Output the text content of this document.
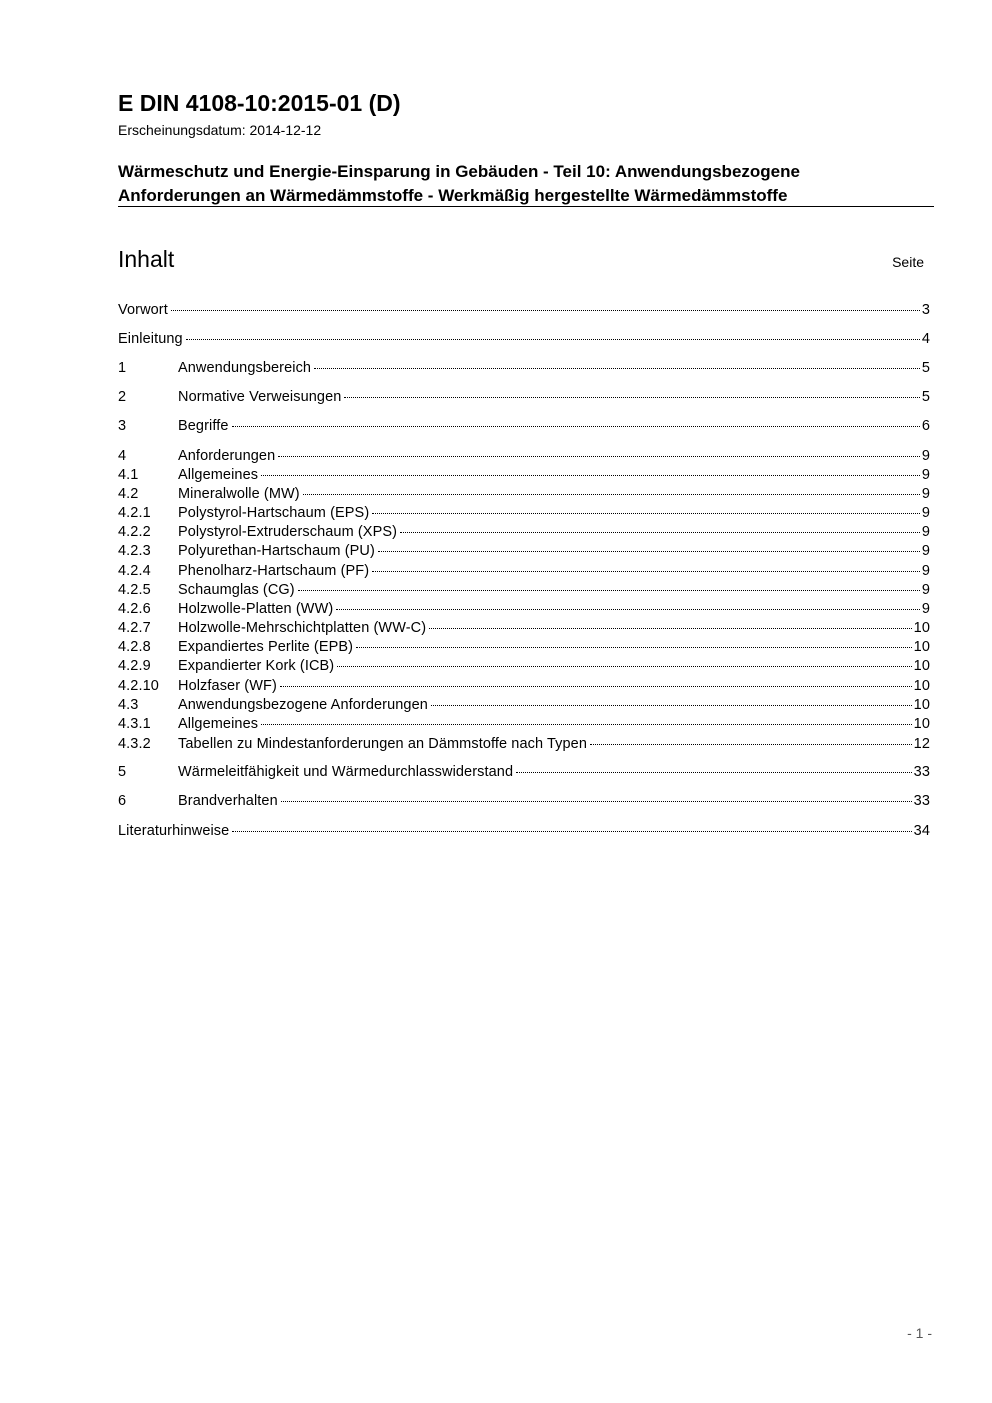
E DIN 4108-10:2015-01 (D)
Erscheinungsdatum: 2014-12-12
Wärmeschutz und Energie-Einsparung in Gebäuden - Teil 10: Anwendungsbezogene
Anforderungen an Wärmedämmstoffe - Werkmäßig hergestellte Wärmedämmstoffe
Inhalt	Seite
Vorwort	3
Einleitung	4
1	Anwendungsbereich	5
2	Normative Verweisungen	5
3	Begriffe	6
4	Anforderungen	9
4.1	Allgemeines	9
4.2	Mineralwolle (MW)	9
4.2.1	Polystyrol-Hartschaum (EPS)	9
4.2.2	Polystyrol-Extruderschaum (XPS)	9
4.2.3	Polyurethan-Hartschaum (PU)	9
4.2.4	Phenolharz-Hartschaum (PF)	9
4.2.5	Schaumglas (CG)	9
4.2.6	Holzwolle-Platten (WW)	9
4.2.7	Holzwolle-Mehrschichtplatten (WW-C)	10
4.2.8	Expandiertes Perlite (EPB)	10
4.2.9	Expandierter Kork (ICB)	10
4.2.10	Holzfaser (WF)	10
4.3	Anwendungsbezogene Anforderungen	10
4.3.1	Allgemeines	10
4.3.2	Tabellen zu Mindestanforderungen an Dämmstoffe nach Typen	12
5	Wärmeleitfähigkeit und Wärmedurchlasswiderstand	33
6	Brandverhalten	33
Literaturhinweise	34
- 1 -
